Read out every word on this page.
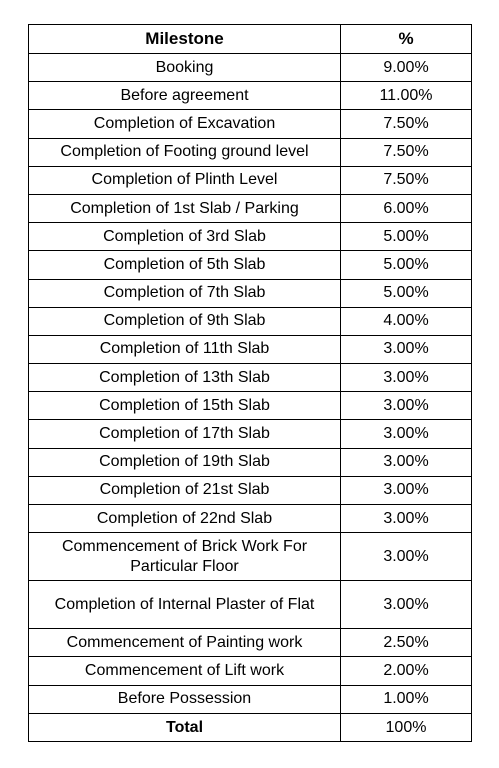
Milestone	%
Booking	9.00%
Before agreement	11.00%
Completion of Excavation	7.50%
Completion of Footing ground level	7.50%
Completion of Plinth Level	7.50%
Completion of 1st Slab / Parking	6.00%
Completion of 3rd Slab	5.00%
Completion of 5th Slab	5.00%
Completion of 7th Slab	5.00%
Completion of 9th Slab	4.00%
Completion of 11th Slab	3.00%
Completion of 13th Slab	3.00%
Completion of 15th Slab	3.00%
Completion of 17th Slab	3.00%
Completion of 19th Slab	3.00%
Completion of 21st Slab	3.00%
Completion of 22nd Slab	3.00%
Commencement of Brick Work For Particular Floor	3.00%
Completion of Internal Plaster of Flat	3.00%
Commencement of Painting work	2.50%
Commencement of Lift work	2.00%
Before Possession	1.00%
Total	100%
